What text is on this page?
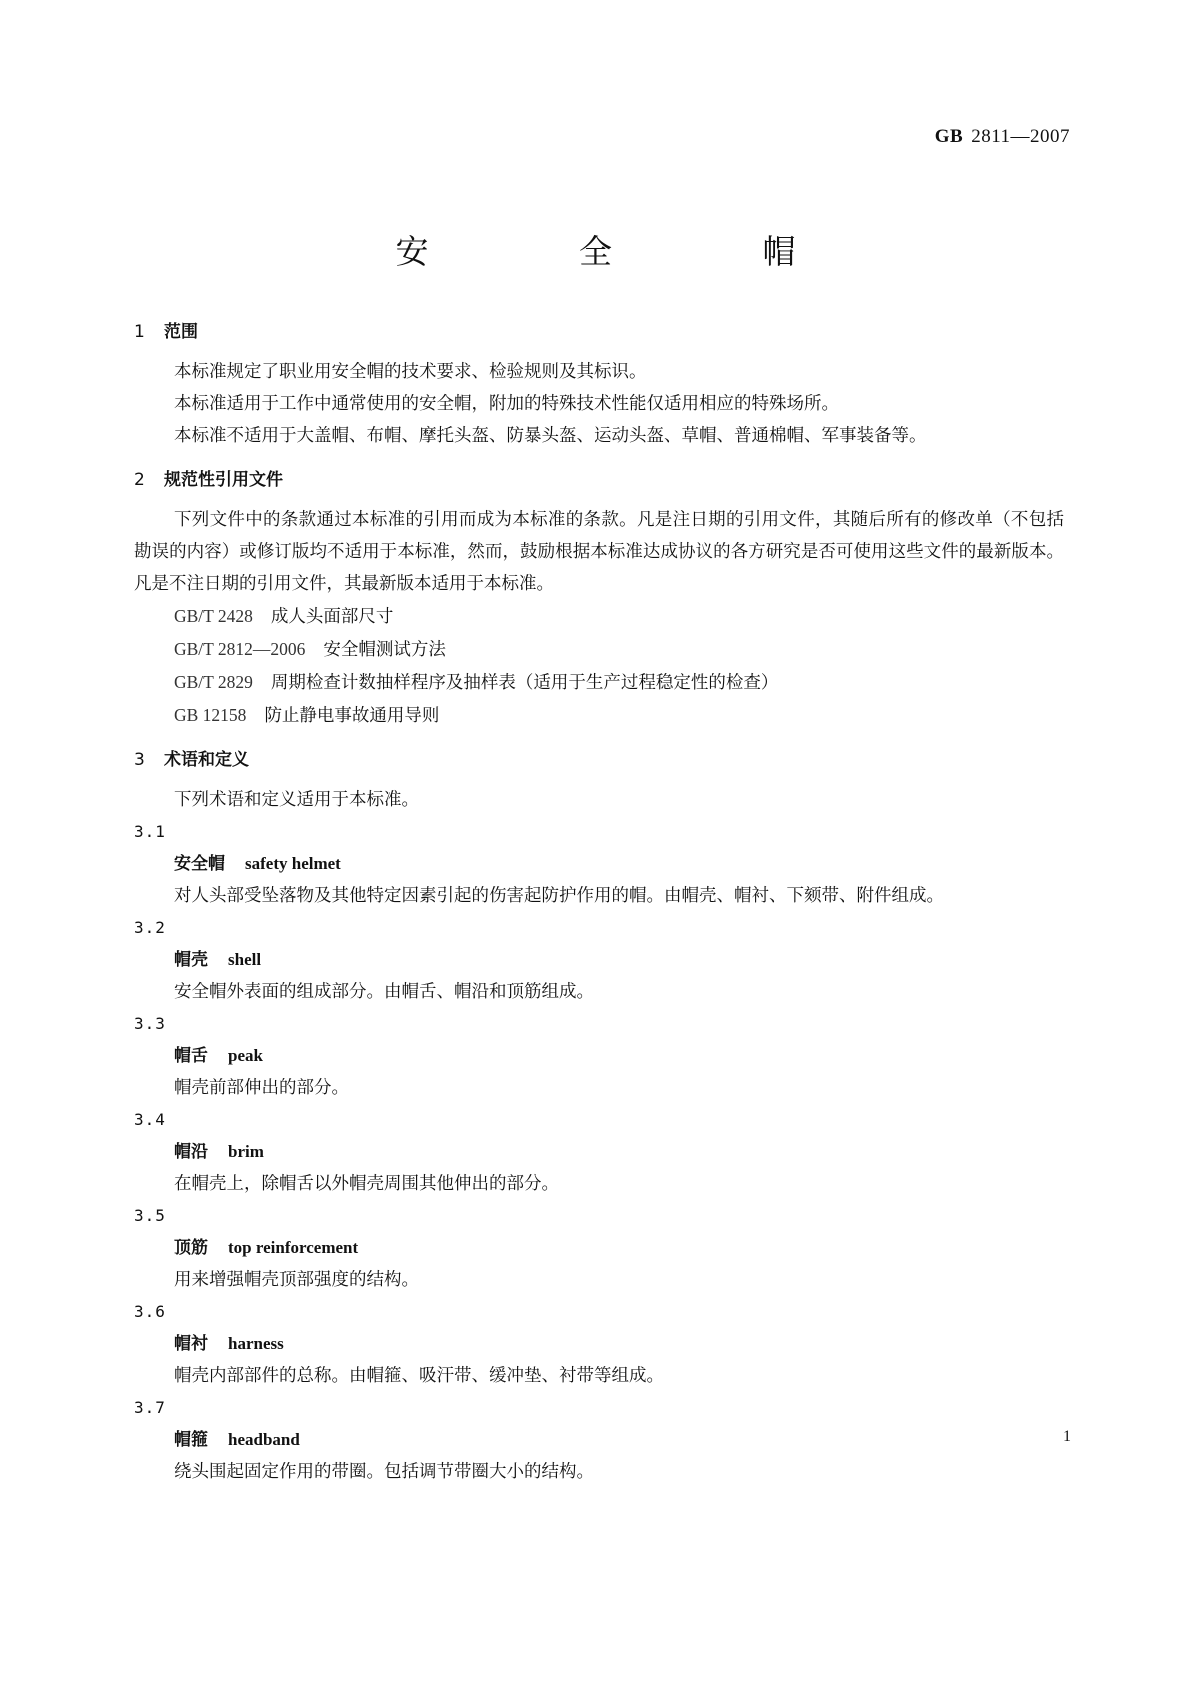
GB 2811—2007
安 全 帽
1 范围

本标准规定了职业用安全帽的技术要求、检验规则及其标识。

本标准适用于工作中通常使用的安全帽，附加的特殊技术性能仅适用相应的特殊场所。

本标准不适用于大盖帽、布帽、摩托头盔、防暴头盔、运动头盔、草帽、普通棉帽、军事装备等。

2 规范性引用文件

下列文件中的条款通过本标准的引用而成为本标准的条款。凡是注日期的引用文件，其随后所有的修改单（不包括勘误的内容）或修订版均不适用于本标准，然而，鼓励根据本标准达成协议的各方研究是否可使用这些文件的最新版本。凡是不注日期的引用文件，其最新版本适用于本标准。

GB/T 2428 成人头面部尺寸

GB/T 2812—2006 安全帽测试方法

GB/T 2829 周期检查计数抽样程序及抽样表（适用于生产过程稳定性的检查）

GB 12158 防止静电事故通用导则

3 术语和定义

下列术语和定义适用于本标准。

3.1

安全帽 safety helmet

对人头部受坠落物及其他特定因素引起的伤害起防护作用的帽。由帽壳、帽衬、下颏带、附件组成。

3.2

帽壳 shell

安全帽外表面的组成部分。由帽舌、帽沿和顶筋组成。

3.3

帽舌 peak

帽壳前部伸出的部分。

3.4

帽沿 brim

在帽壳上，除帽舌以外帽壳周围其他伸出的部分。

3.5

顶筋 top reinforcement

用来增强帽壳顶部强度的结构。

3.6

帽衬 harness

帽壳内部部件的总称。由帽箍、吸汗带、缓冲垫、衬带等组成。

3.7

帽箍 headband

绕头围起固定作用的带圈。包括调节带圈大小的结构。

1
